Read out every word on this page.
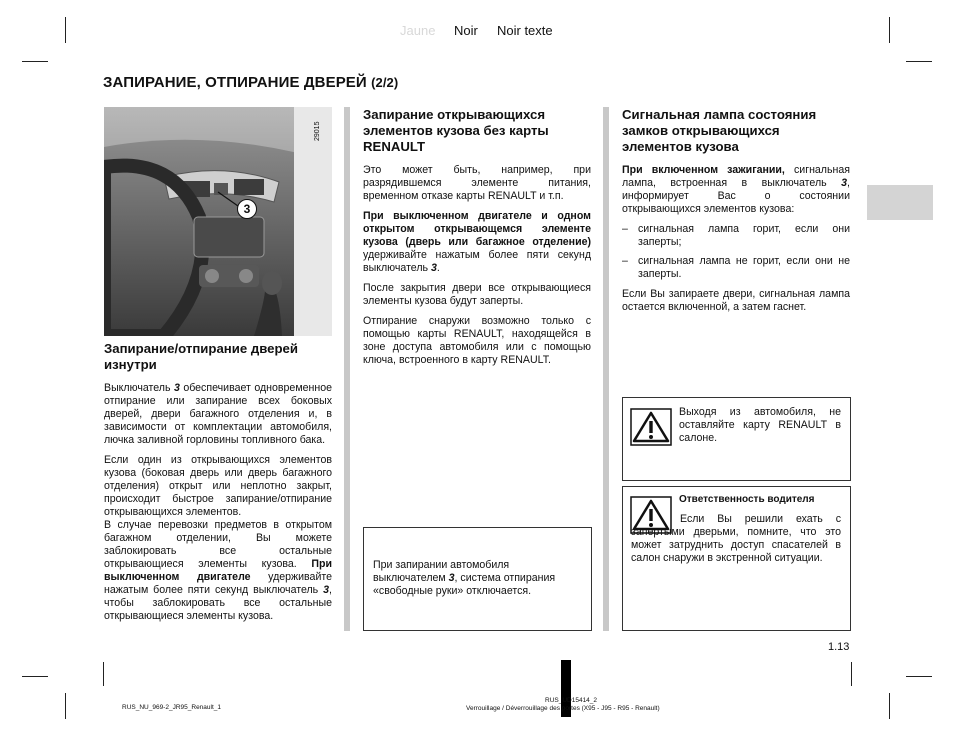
Jaune Noir Noir texte
ЗАПИРАНИЕ, ОТПИРАНИЕ ДВЕРЕЙ (2/2)
29015
3
Запирание/отпирание дверей изнутри

Выключатель 3 обеспечивает одновременное отпирание или запирание всех боковых дверей, двери багажного отделения и, в зависимости от комплектации автомобиля, лючка заливной горловины топливного бака.

Если один из открывающихся элементов кузова (боковая дверь или дверь багажного отделения) открыт или неплотно закрыт, происходит быстрое запирание/отпирание открывающихся элементов.

В случае перевозки предметов в открытом багажном отделении, Вы можете заблокировать все остальные открывающиеся элементы кузова. При выключенном двигателе удерживайте нажатым более пяти секунд выключатель 3, чтобы заблокировать все остальные открывающиеся элементы кузова.

Запирание открывающихся элементов кузова без карты RENAULT

Это может быть, например, при разрядившемся элементе питания, временном отказе карты RENAULT и т.п.

При выключенном двигателе и одном открытом открывающемся элементе кузова (дверь или багажное отделение) удерживайте нажатым более пяти секунд выключатель 3.

После закрытия двери все открывающиеся элементы кузова будут заперты.

Отпирание снаружи возможно только с помощью карты RENAULT, находящейся в зоне доступа автомобиля или с помощью ключа, встроенного в карту RENAULT.

При запирании автомобиля выключателем 3, система отпирания «свободные руки» отключается.
Сигнальная лампа состояния замков открывающихся элементов кузова

При включенном зажигании, сигнальная лампа, встроенная в выключатель 3, информирует Вас о состоянии открывающихся элементов кузова:

– сигнальная лампа горит, если они заперты;
– сигнальная лампа не горит, если они не заперты.

Если Вы запираете двери, сигнальная лампа остается включенной, а затем гаснет.

Выходя из автомобиля, не оставляйте карту RENAULT в салоне.
Ответственность водителя
Если Вы решили ехать с запертыми дверьми, помните, что это может затруднить доступ спасателей в салон снаружи в экстренной ситуации.
1.13
RUS_NU_969-2_JR95_Renault_1
RUS_UD15414_2
Verrouillage / Déverrouillage des portes (X95 - J95 - R95 - Renault)
